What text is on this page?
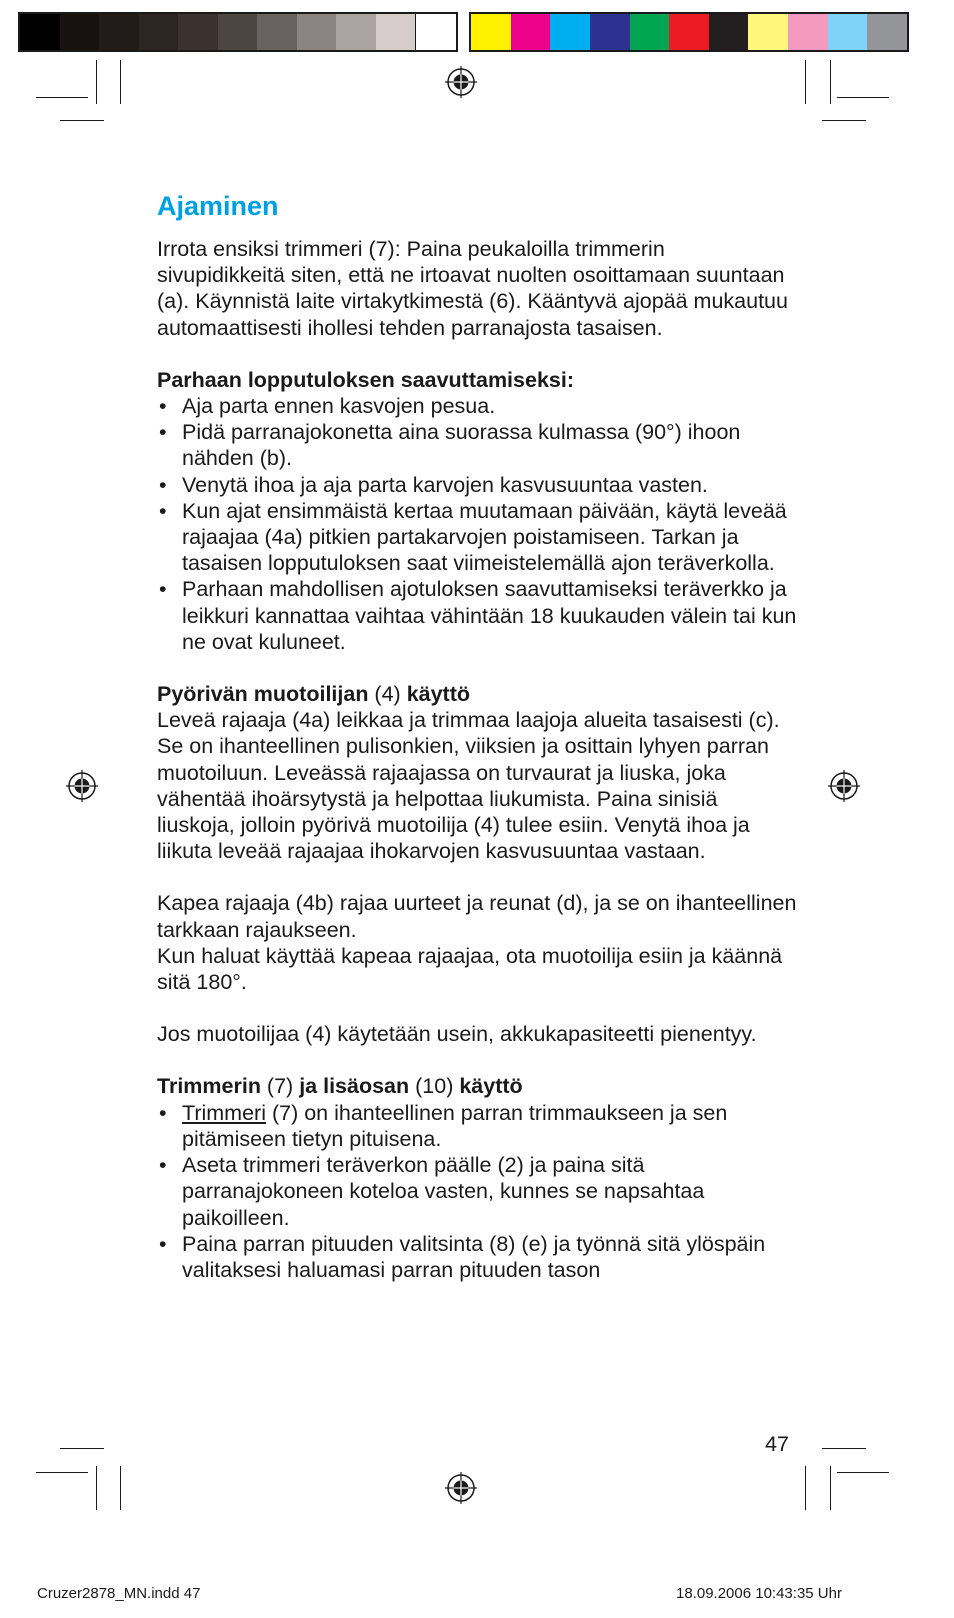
Ajaminen

Irrota ensiksi trimmeri (7): Paina peukaloilla trimmerin sivupidikkeitä siten, että ne irtoavat nuolten osoittamaan suuntaan (a). Käynnistä laite virtakytkimestä (6). Kääntyvä ajopää mukautuu automaattisesti ihollesi tehden parranajosta tasaisen.

Parhaan lopputuloksen saavuttamiseksi:

• Aja parta ennen kasvojen pesua.
• Pidä parranajokonetta aina suorassa kulmassa (90°) ihoon nähden (b).
• Venytä ihoa ja aja parta karvojen kasvusuuntaa vasten.
• Kun ajat ensimmäistä kertaa muutamaan päivään, käytä leveää rajaajaa (4a) pitkien partakarvojen poistamiseen. Tarkan ja tasaisen lopputuloksen saat viimeistelemällä ajon teräverkolla.
• Parhaan mahdollisen ajotuloksen saavuttamiseksi teräverkko ja leikkuri kannattaa vaihtaa vähintään 18 kuukauden välein tai kun ne ovat kuluneet.

Pyörivän muotoilijan (4) käyttö

Leveä rajaaja (4a) leikkaa ja trimmaa laajoja alueita tasaisesti (c).

Se on ihanteellinen pulisonkien, viiksien ja osittain lyhyen parran muotoiluun. Leveässä rajaajassa on turvaurat ja liuska, joka vähentää ihoärsytystä ja helpottaa liukumista. Paina sinisiä liuskoja, jolloin pyörivä muotoilija (4) tulee esiin. Venytä ihoa ja liikuta leveää rajaajaa ihokarvojen kasvusuuntaa vastaan.

Kapea rajaaja (4b) rajaa uurteet ja reunat (d), ja se on ihanteellinen tarkkaan rajaukseen.

Kun haluat käyttää kapeaa rajaajaa, ota muotoilija esiin ja käännä sitä 180°.

Jos muotoilijaa (4) käytetään usein, akkukapasiteetti pienentyy.

Trimmerin (7) ja lisäosan (10) käyttö

• Trimmeri (7) on ihanteellinen parran trimmaukseen ja sen pitämiseen tietyn pituisena.
• Aseta trimmeri teräverkon päälle (2) ja paina sitä parranajokoneen koteloa vasten, kunnes se napsahtaa paikoilleen.
• Paina parran pituuden valitsinta (8) (e) ja työnnä sitä ylöspäin valitaksesi haluamasi parran pituuden tason
47
Cruzer2878_MN.indd 47	18.09.2006 10:43:35 Uhr
